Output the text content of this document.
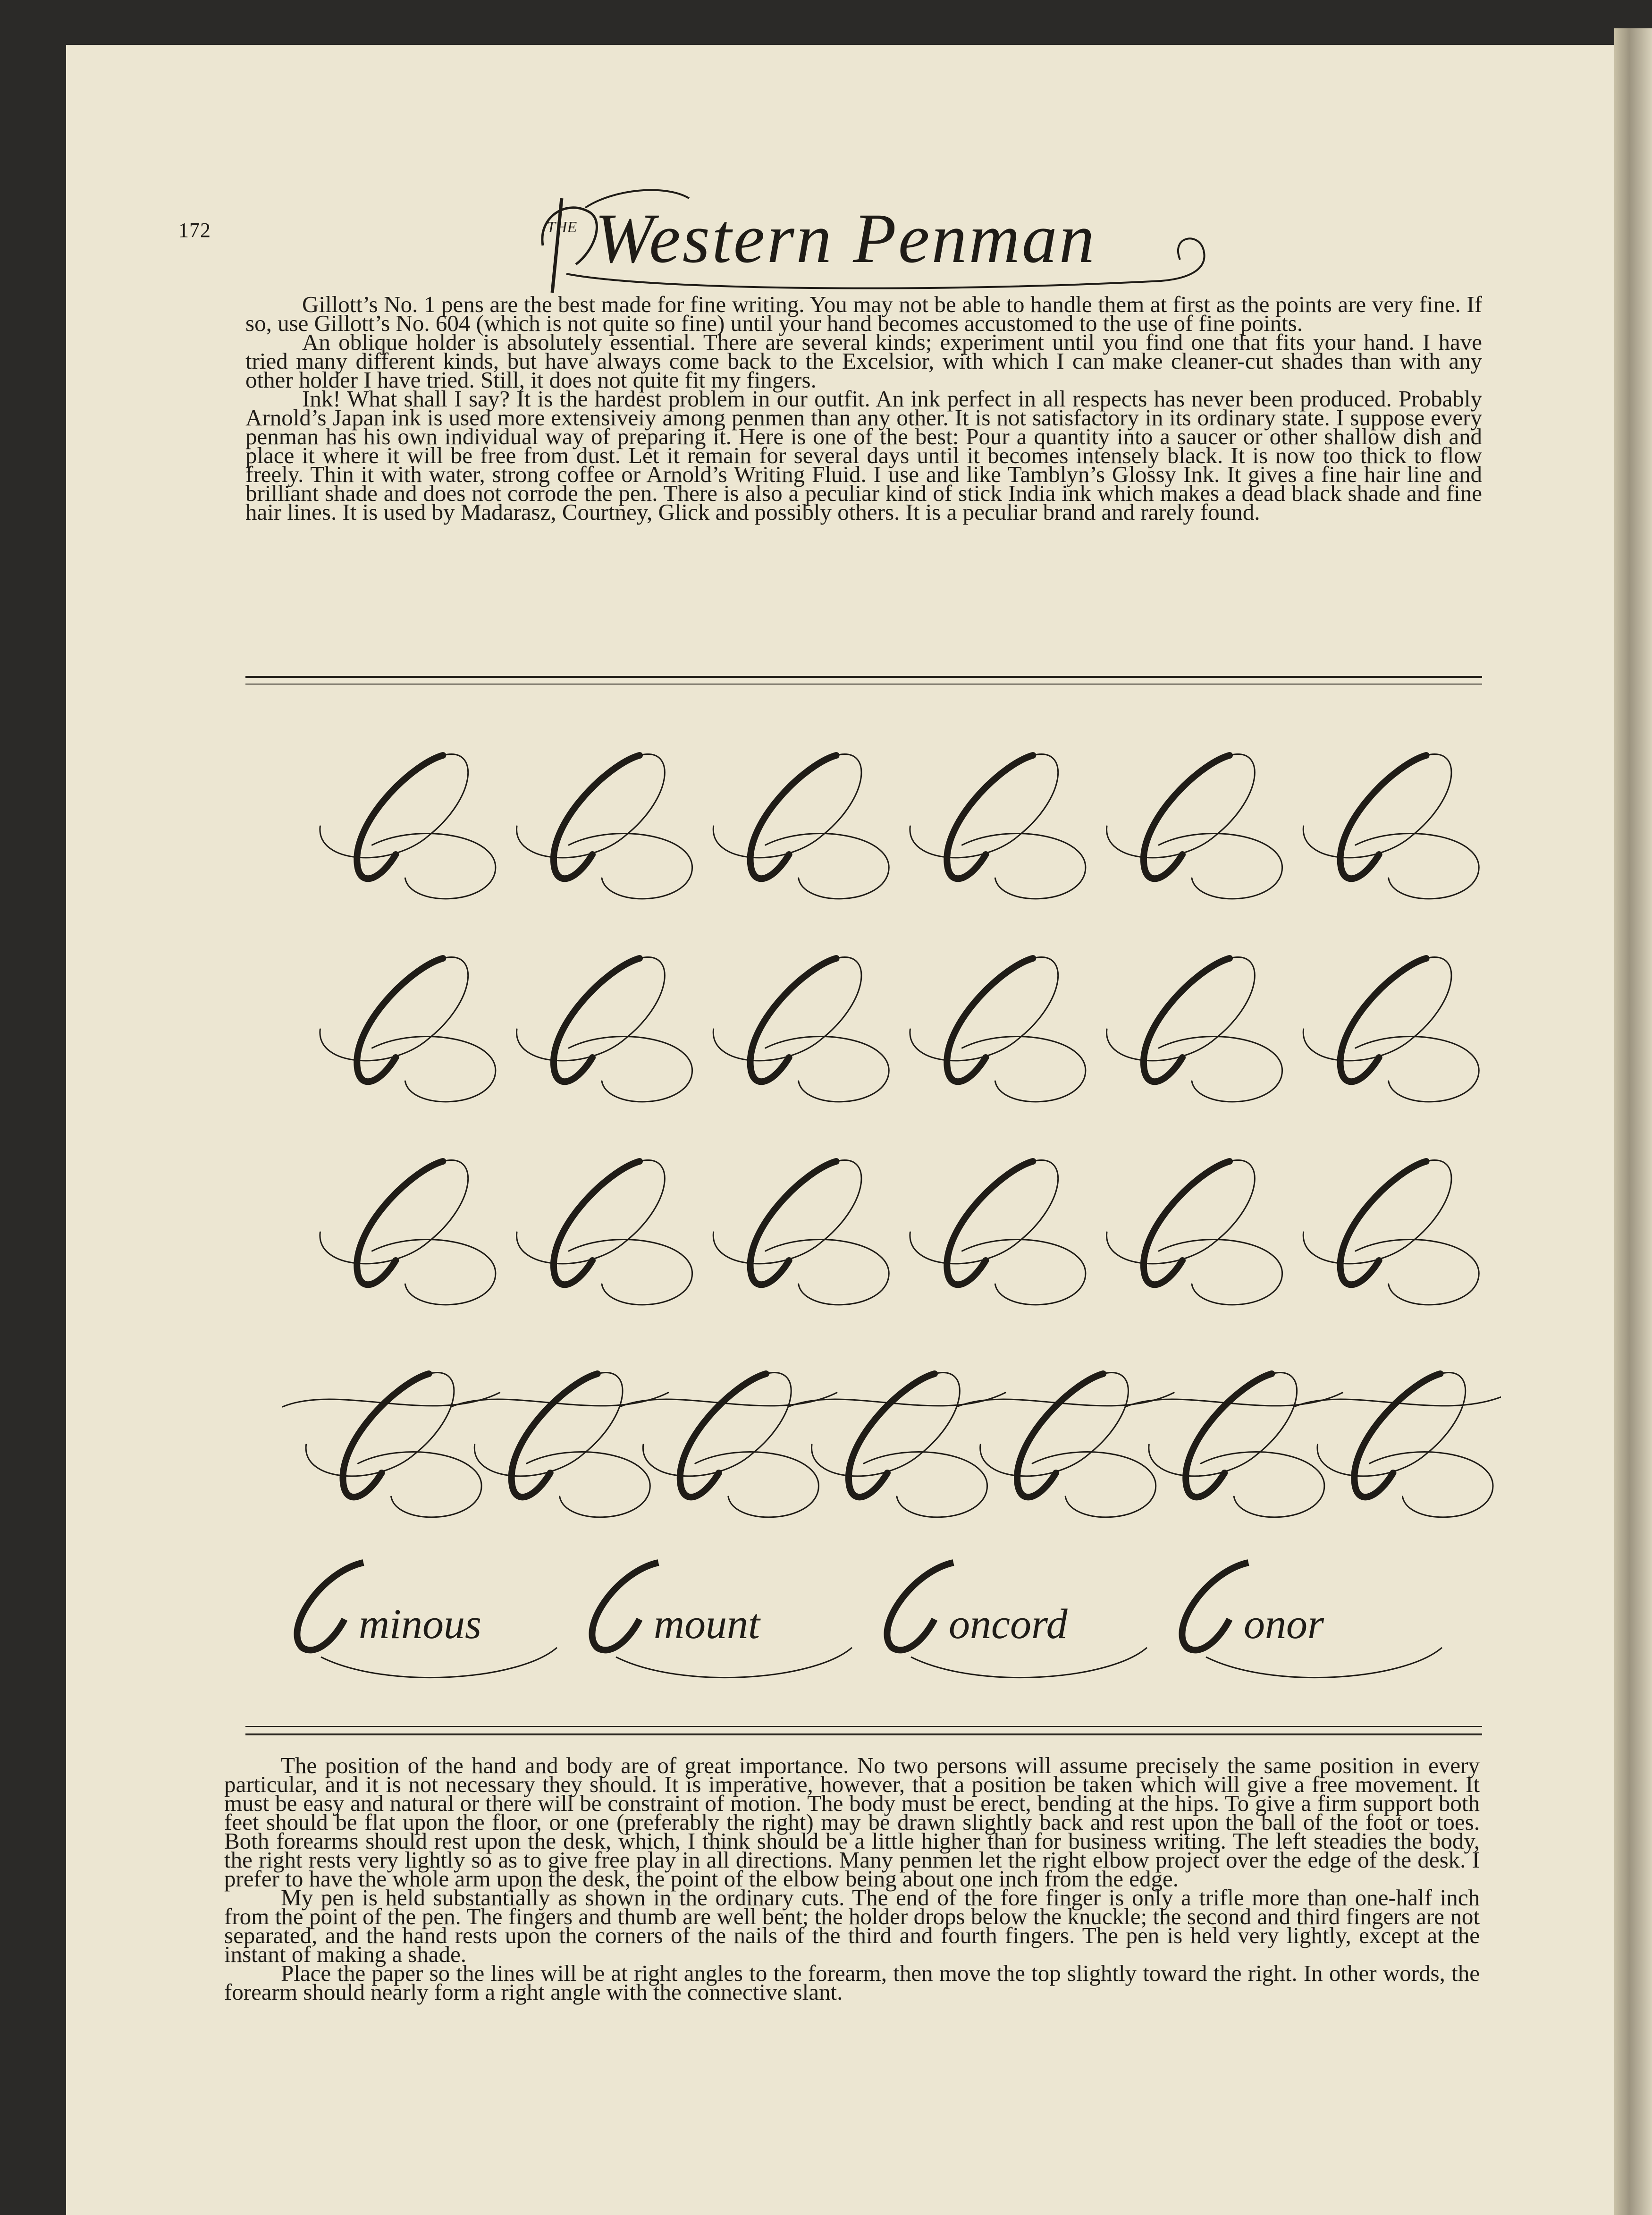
172	THE Western Penman

Gillott’s No. 1 pens are the best made for fine writing. You may not be able to handle them at first as the points are very fine. If so, use Gillott’s No. 604 (which is not quite so fine) until your hand becomes accustomed to the use of fine points.

An oblique holder is absolutely essential. There are several kinds; experiment until you find one that fits your hand. I have tried many different kinds, but have always come back to the Excelsior, with which I can make cleaner-cut shades than with any other holder I have tried. Still, it does not quite fit my fingers.

Ink! What shall I say? It is the hardest problem in our outfit. An ink perfect in all respects has never been produced. Probably Arnold’s Japan ink is used more extensiveiy among penmen than any other. It is not satisfactory in its ordinary state. I suppose every penman has his own individual way of preparing it. Here is one of the best: Pour a quantity into a saucer or other shallow dish and place it where it will be free from dust. Let it remain for several days until it becomes intensely black. It is now too thick to flow freely. Thin it with water, strong coffee or Arnold’s Writing Fluid. I use and like Tamblyn’s Glossy Ink. It gives a fine hair line and brilliant shade and does not corrode the pen. There is also a peculiar kind of stick India ink which makes a dead black shade and fine hair lines. It is used by Madarasz, Courtney, Glick and possibly others. It is a peculiar brand and rarely found.

minous	mount	oncord	onor

The position of the hand and body are of great importance. No two persons will assume precisely the same position in every particular, and it is not necessary they should. It is imperative, however, that a position be taken which will give a free movement. It must be easy and natural or there will be constraint of motion. The body must be erect, bending at the hips. To give a firm support both feet should be flat upon the floor, or one (preferably the right) may be drawn slightly back and rest upon the ball of the foot or toes. Both forearms should rest upon the desk, which, I think should be a little higher than for business writing. The left steadies the body, the right rests very lightly so as to give free play in all directions. Many penmen let the right elbow project over the edge of the desk. I prefer to have the whole arm upon the desk, the point of the elbow being about one inch from the edge.

My pen is held substantially as shown in the ordinary cuts. The end of the fore finger is only a trifle more than one-half inch from the point of the pen. The fingers and thumb are well bent; the holder drops below the knuckle; the second and third fingers are not separated, and the hand rests upon the corners of the nails of the third and fourth fingers. The pen is held very lightly, except at the instant of making a shade.

Place the paper so the lines will be at right angles to the forearm, then move the top slightly toward the right. In other words, the forearm should nearly form a right angle with the connective slant.
